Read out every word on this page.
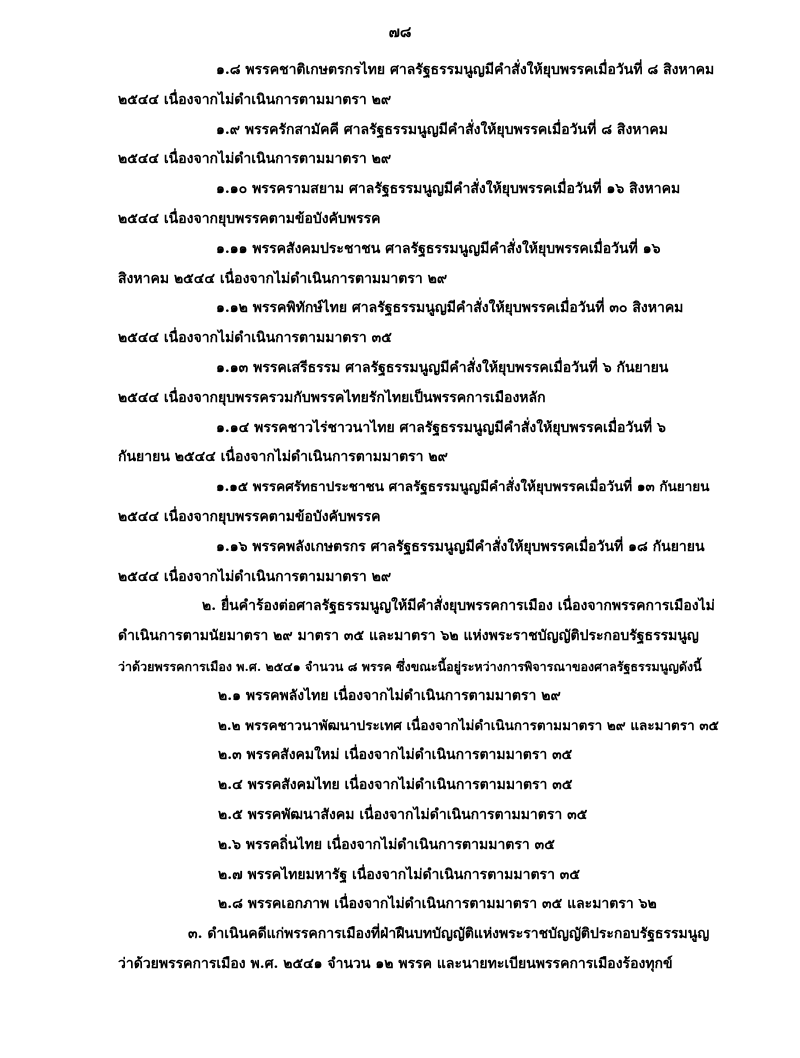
๗๘
๑.๘ พรรคชาติเกษตรกรไทย ศาลรัฐธรรมนูญมีคำสั่งให้ยุบพรรคเมื่อวันที่ ๘ สิงหาคม
๒๕๔๔ เนื่องจากไม่ดำเนินการตามมาตรา ๒๙
๑.๙ พรรครักสามัคคี ศาลรัฐธรรมนูญมีคำสั่งให้ยุบพรรคเมื่อวันที่ ๘ สิงหาคม
๒๕๔๔ เนื่องจากไม่ดำเนินการตามมาตรา ๒๙
๑.๑๐ พรรครามสยาม ศาลรัฐธรรมนูญมีคำสั่งให้ยุบพรรคเมื่อวันที่ ๑๖ สิงหาคม
๒๕๔๔ เนื่องจากยุบพรรคตามข้อบังคับพรรค
๑.๑๑ พรรคสังคมประชาชน ศาลรัฐธรรมนูญมีคำสั่งให้ยุบพรรคเมื่อวันที่ ๑๖
สิงหาคม ๒๕๔๔ เนื่องจากไม่ดำเนินการตามมาตรา ๒๙
๑.๑๒ พรรคพิทักษ์ไทย ศาลรัฐธรรมนูญมีคำสั่งให้ยุบพรรคเมื่อวันที่ ๓๐ สิงหาคม
๒๕๔๔ เนื่องจากไม่ดำเนินการตามมาตรา ๓๕
๑.๑๓ พรรคเสรีธรรม ศาลรัฐธรรมนูญมีคำสั่งให้ยุบพรรคเมื่อวันที่ ๖ กันยายน
๒๕๔๔ เนื่องจากยุบพรรครวมกับพรรคไทยรักไทยเป็นพรรคการเมืองหลัก
๑.๑๔ พรรคชาวไร่ชาวนาไทย ศาลรัฐธรรมนูญมีคำสั่งให้ยุบพรรคเมื่อวันที่ ๖
กันยายน ๒๕๔๔ เนื่องจากไม่ดำเนินการตามมาตรา ๒๙
๑.๑๕ พรรคศรัทธาประชาชน ศาลรัฐธรรมนูญมีคำสั่งให้ยุบพรรคเมื่อวันที่ ๑๓ กันยายน
๒๕๔๔ เนื่องจากยุบพรรคตามข้อบังคับพรรค
๑.๑๖ พรรคพลังเกษตรกร ศาลรัฐธรรมนูญมีคำสั่งให้ยุบพรรคเมื่อวันที่ ๑๘ กันยายน
๒๕๔๔ เนื่องจากไม่ดำเนินการตามมาตรา ๒๙
๒. ยื่นคำร้องต่อศาลรัฐธรรมนูญให้มีคำสั่งยุบพรรคการเมือง เนื่องจากพรรคการเมืองไม่
ดำเนินการตามนัยมาตรา ๒๙ มาตรา ๓๕ และมาตรา ๖๒ แห่งพระราชบัญญัติประกอบรัฐธรรมนูญ
ว่าด้วยพรรคการเมือง พ.ศ. ๒๕๔๑ จำนวน ๘ พรรค ซึ่งขณะนี้อยู่ระหว่างการพิจารณาของศาลรัฐธรรมนูญดังนี้
๒.๑ พรรคพลังไทย เนื่องจากไม่ดำเนินการตามมาตรา ๒๙
๒.๒ พรรคชาวนาพัฒนาประเทศ เนื่องจากไม่ดำเนินการตามมาตรา ๒๙ และมาตรา ๓๕
๒.๓ พรรคสังคมใหม่ เนื่องจากไม่ดำเนินการตามมาตรา ๓๕
๒.๔ พรรคสังคมไทย เนื่องจากไม่ดำเนินการตามมาตรา ๓๕
๒.๕ พรรคพัฒนาสังคม เนื่องจากไม่ดำเนินการตามมาตรา ๓๕
๒.๖ พรรคถิ่นไทย เนื่องจากไม่ดำเนินการตามมาตรา ๓๕
๒.๗ พรรคไทยมหารัฐ เนื่องจากไม่ดำเนินการตามมาตรา ๓๕
๒.๘ พรรคเอกภาพ เนื่องจากไม่ดำเนินการตามมาตรา ๓๕ และมาตรา ๖๒
๓. ดำเนินคดีแก่พรรคการเมืองที่ฝ่าฝืนบทบัญญัติแห่งพระราชบัญญัติประกอบรัฐธรรมนูญ
ว่าด้วยพรรคการเมือง พ.ศ. ๒๕๔๑ จำนวน ๑๒ พรรค และนายทะเบียนพรรคการเมืองร้องทุกข์
